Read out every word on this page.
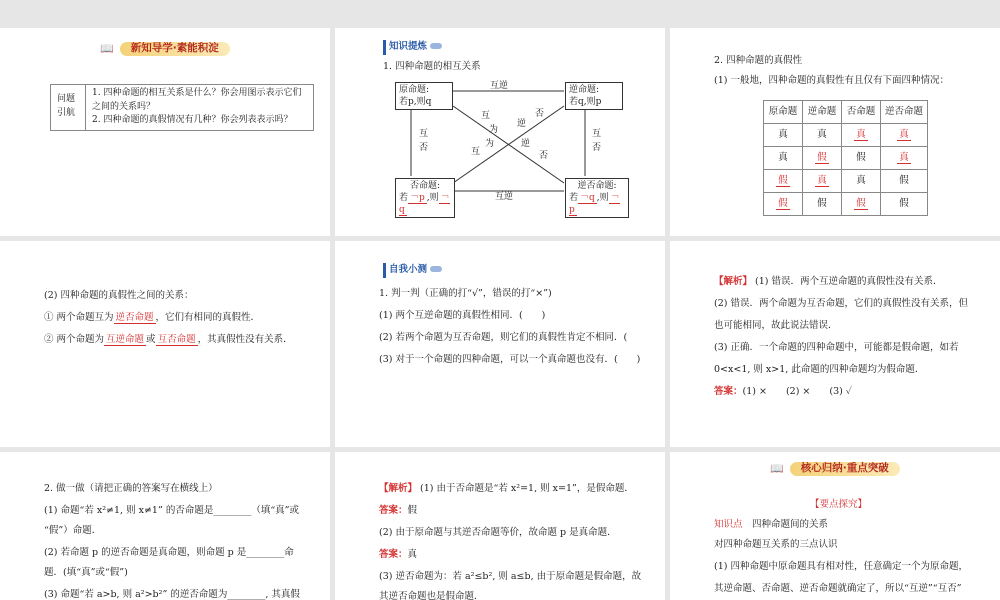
📖	新知导学·素能积淀
问题引航	
1. 四种命题的相互关系是什么？你会用图示表示它们之间的关系吗？
2. 四种命题的真假情况有几种？你会列表表示吗？
知识提炼

1. 四种命题的相互关系

原命题:
若p,则q
逆命题:
若q,则p
否命题:
若 ￢p ,则 ￢q
逆否命题:
若 ￢q ,则 ￢p
互逆
互逆
互
否
互
否
互
为
逆
否
互
为	逆
否

2. 四种命题的真假性

(1) 一般地，四种命题的真假性有且仅有下面四种情况：

原命题	逆命题	否命题	逆否命题
真	真	真	真
真	假	假	真
假	真	真	假
假	假	假	假

(2) 四种命题的真假性之间的关系：

① 两个命题互为 逆否命题 ，它们有相同的真假性．

② 两个命题为 互逆命题 或 互否命题 ，其真假性没有关系．

自我小测

1. 判一判（正确的打“√”，错误的打“×”)

(1) 两个互逆命题的真假性相同．(　　)

(2) 若两个命题为互否命题，则它们的真假性肯定不相同．(

(3) 对于一个命题的四种命题，可以一个真命题也没有．(　　)

【解析】 (1) 错误．两个互逆命题的真假性没有关系．

(2) 错误．两个命题为互否命题，它们的真假性没有关系，但

也可能相同，故此说法错误．

(3) 正确．一个命题的四种命题中，可能都是假命题，如若

0<x<1, 则 x>1, 此命题的四种命题均为假命题．

答案：(1) ×　　(2) ×　　(3) ✓

2. 做一做（请把正确的答案写在横线上）

(1) 命题“若 x²≠1, 则 x≠1” 的否命题是________（填“真”或

“假”）命题．

(2) 若命题 p 的逆否命题是真命题，则命题 p 是________命

题．(填“真”或“假”)

(3) 命题“若 a>b, 则 a²>b²” 的逆否命题为________, 其真假

【解析】 (1) 由于否命题是“若 x²=1, 则 x=1”，是假命题．

答案：假

(2) 由于原命题与其逆否命题等价，故命题 p 是真命题．

答案：真

(3) 逆否命题为：若 a²≤b², 则 a≤b, 由于原命题是假命题，故

其逆否命题也是假命题．

📖	核心归纳·重点突破

【要点探究】

知识点　 四种命题间的关系

对四种命题互关系的三点认识

(1) 四种命题中原命题具有相对性，任意确定一个为原命题，

其逆命题、否命题、逆否命题就确定了，所以“互逆”“互否”
